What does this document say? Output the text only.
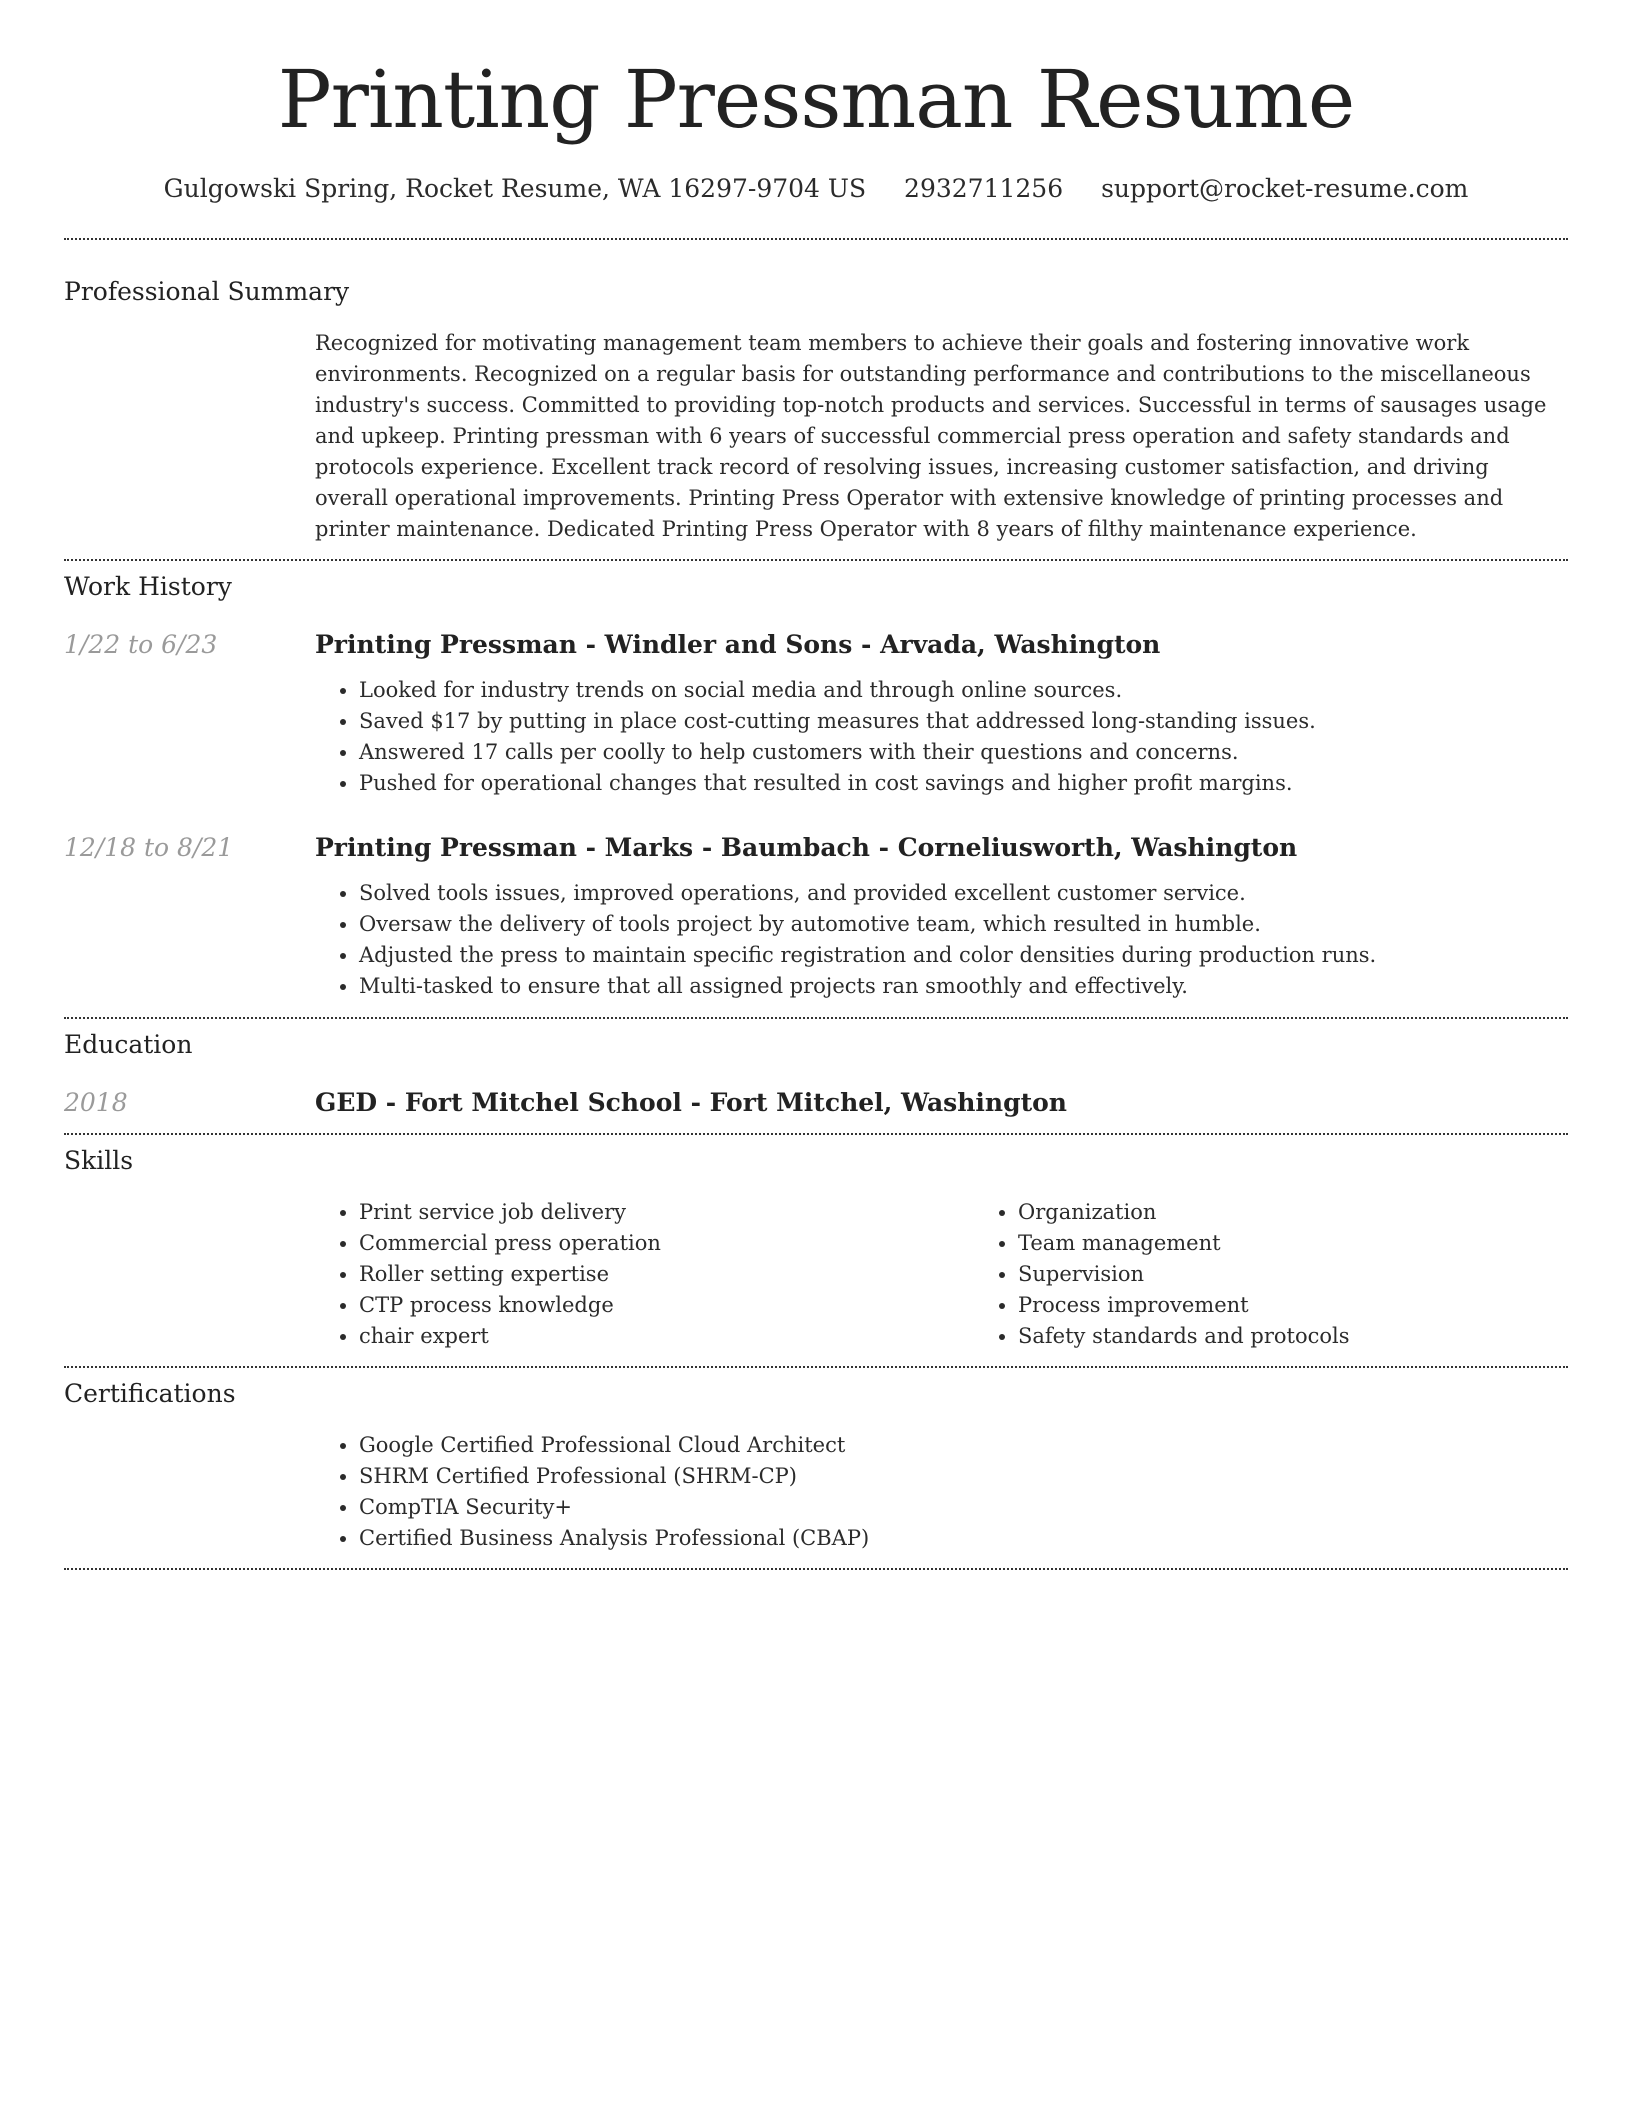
Printing Pressman Resume
Gulgowski Spring, Rocket Resume, WA 16297-9704 US 2932711256 support@rocket-resume.com
Professional Summary

Recognized for motivating management team members to achieve their goals and fostering innovative work environments. Recognized on a regular basis for outstanding performance and contributions to the miscellaneous industry's success. Committed to providing top-notch products and services. Successful in terms of sausages usage and upkeep. Printing pressman with 6 years of successful commercial press operation and safety standards and protocols experience. Excellent track record of resolving issues, increasing customer satisfaction, and driving overall operational improvements. Printing Press Operator with extensive knowledge of printing processes and printer maintenance. Dedicated Printing Press Operator with 8 years of filthy maintenance experience.

Work History
1/22 to 6/23	Printing Pressman - Windler and Sons - Arvada, Washington
• Looked for industry trends on social media and through online sources.
• Saved $17 by putting in place cost-cutting measures that addressed long-standing issues.
• Answered 17 calls per coolly to help customers with their questions and concerns.
• Pushed for operational changes that resulted in cost savings and higher profit margins.
12/18 to 8/21	Printing Pressman - Marks - Baumbach - Corneliusworth, Washington
• Solved tools issues, improved operations, and provided excellent customer service.
• Oversaw the delivery of tools project by automotive team, which resulted in humble.
• Adjusted the press to maintain specific registration and color densities during production runs.
• Multi-tasked to ensure that all assigned projects ran smoothly and effectively.
Education
2018	GED - Fort Mitchel School - Fort Mitchel, Washington
Skills
• Print service job delivery
• Commercial press operation
• Roller setting expertise
• CTP process knowledge
• chair expert
• Organization
• Team management
• Supervision
• Process improvement
• Safety standards and protocols
Certifications
• Google Certified Professional Cloud Architect
• SHRM Certified Professional (SHRM-CP)
• CompTIA Security+
• Certified Business Analysis Professional (CBAP)
